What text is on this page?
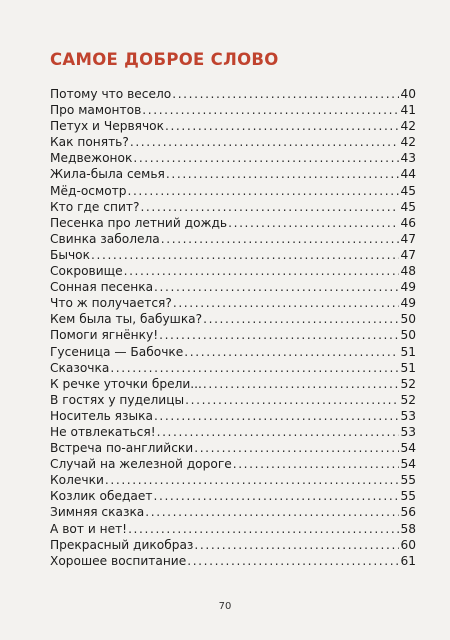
САМОЕ ДОБРОЕ СЛОВО
Потому что весело .....	40
Про мамонтов .....	41
Петух и Червячок .....	42
Как понять? .....	42
Медвежонок .....	43
Жила-была семья .....	44
Мёд-осмотр .....	45
Кто где спит? .....	45
Песенка про летний дождь .....	46
Свинка заболела .....	47
Бычок .....	47
Сокровище .....	48
Сонная песенка .....	49
Что ж получается? .....	49
Кем была ты, бабушка? .....	50
Помоги ягнёнку! .....	50
Гусеница — Бабочке .....	51
Сказочка .....	51
К речке уточки брели... .....	52
В гостях у пуделицы .....	52
Носитель языка .....	53
Не отвлекаться! .....	53
Встреча по-английски .....	54
Случай на железной дороге .....	54
Колечки .....	55
Козлик обедает .....	55
Зимняя сказка .....	56
А вот и нет! .....	58
Прекрасный дикобраз .....	60
Хорошее воспитание .....	61
70
